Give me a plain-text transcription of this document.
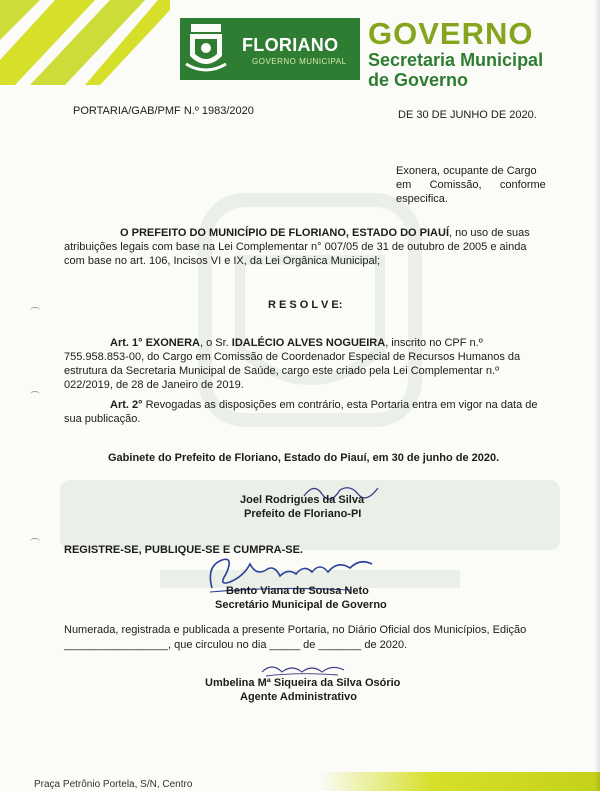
FLORIANO
GOVERNO MUNICIPAL
GOVERNO
Secretaria Municipal
de Governo
PORTARIA/GAB/PMF N.º 1983/2020	DE 30 DE JUNHO DE 2020.
Exonera, ocupante de Cargo
em      Comissão,      conforme
especifica.
O PREFEITO DO MUNICÍPIO DE FLORIANO, ESTADO DO PIAUÍ, no uso de suas
atribuições legais com base na Lei Complementar n° 007/05 de 31 de outubro de 2005 e ainda
com base no art. 106, Incisos VI e IX, da Lei Orgânica Municipal;
R E S O L V E:
Art. 1° EXONERA, o Sr. IDALÉCIO ALVES NOGUEIRA, inscrito no CPF n.º
755.958.853-00, do Cargo em Comissão de Coordenador Especial de Recursos Humanos da
estrutura da Secretaria Municipal de Saúde, cargo este criado pela Lei Complementar n.º
022/2019, de 28 de Janeiro de 2019.
Art. 2° Revogadas as disposições em contrário, esta Portaria entra em vigor na data de
sua publicação.
Gabinete do Prefeito de Floriano, Estado do Piauí, em 30 de junho de 2020.
Joel Rodrigues da Silva
Prefeito de Floriano-PI
REGISTRE-SE, PUBLIQUE-SE E CUMPRA-SE.
Bento Viana de Sousa Neto
Secretário Municipal de Governo
Numerada, registrada e publicada a presente Portaria, no Diário Oficial dos Municípios, Edição
_________________, que circulou no dia _____ de _______ de 2020.
Umbelina Mª Siqueira da Silva Osório
Agente Administrativo
Praça Petrônio Portela, S/N, Centro
